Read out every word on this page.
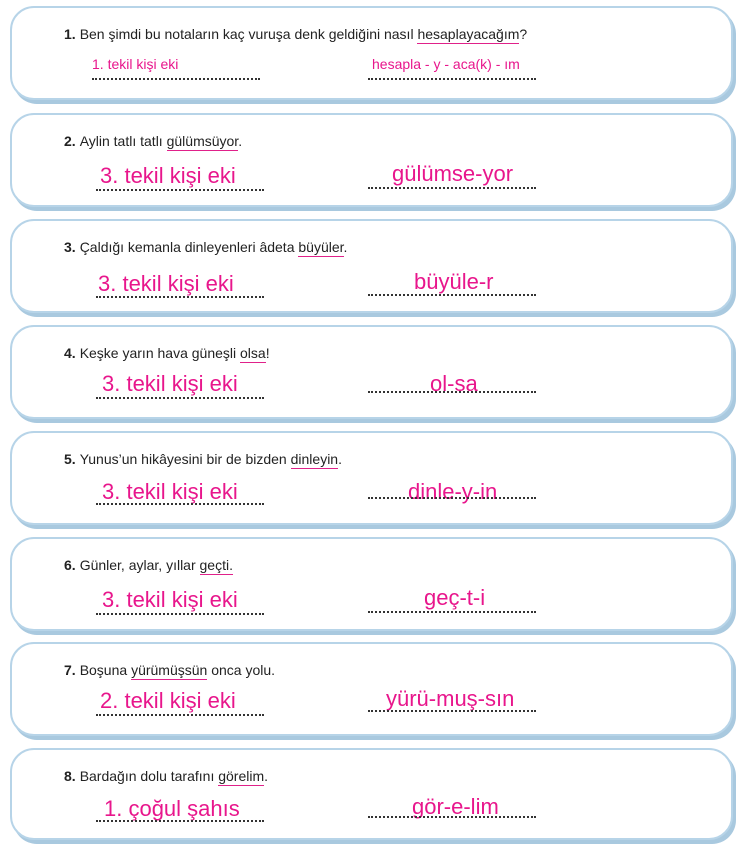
1. Ben şimdi bu notaların kaç vuruşa denk geldiğini nasıl hesaplayacağım?
1. tekil kişi eki	hesapla - y - aca(k) - ım
2. Aylin tatlı tatlı gülümsüyor.
3. tekil kişi eki	gülümse-yor
3. Çaldığı kemanla dinleyenleri âdeta büyüler.
3. tekil kişi eki	büyüle-r
4. Keşke yarın hava güneşli olsa!
3. tekil kişi eki	ol-sa
5. Yunus’un hikâyesini bir de bizden dinleyin.
3. tekil kişi eki	dinle-y-in
6. Günler, aylar, yıllar geçti.
3. tekil kişi eki	geç-t-i
7. Boşuna yürümüşsün onca yolu.
2. tekil kişi eki	yürü-muş-sın
8. Bardağın dolu tarafını görelim.
1. çoğul şahıs	gör-e-lim
